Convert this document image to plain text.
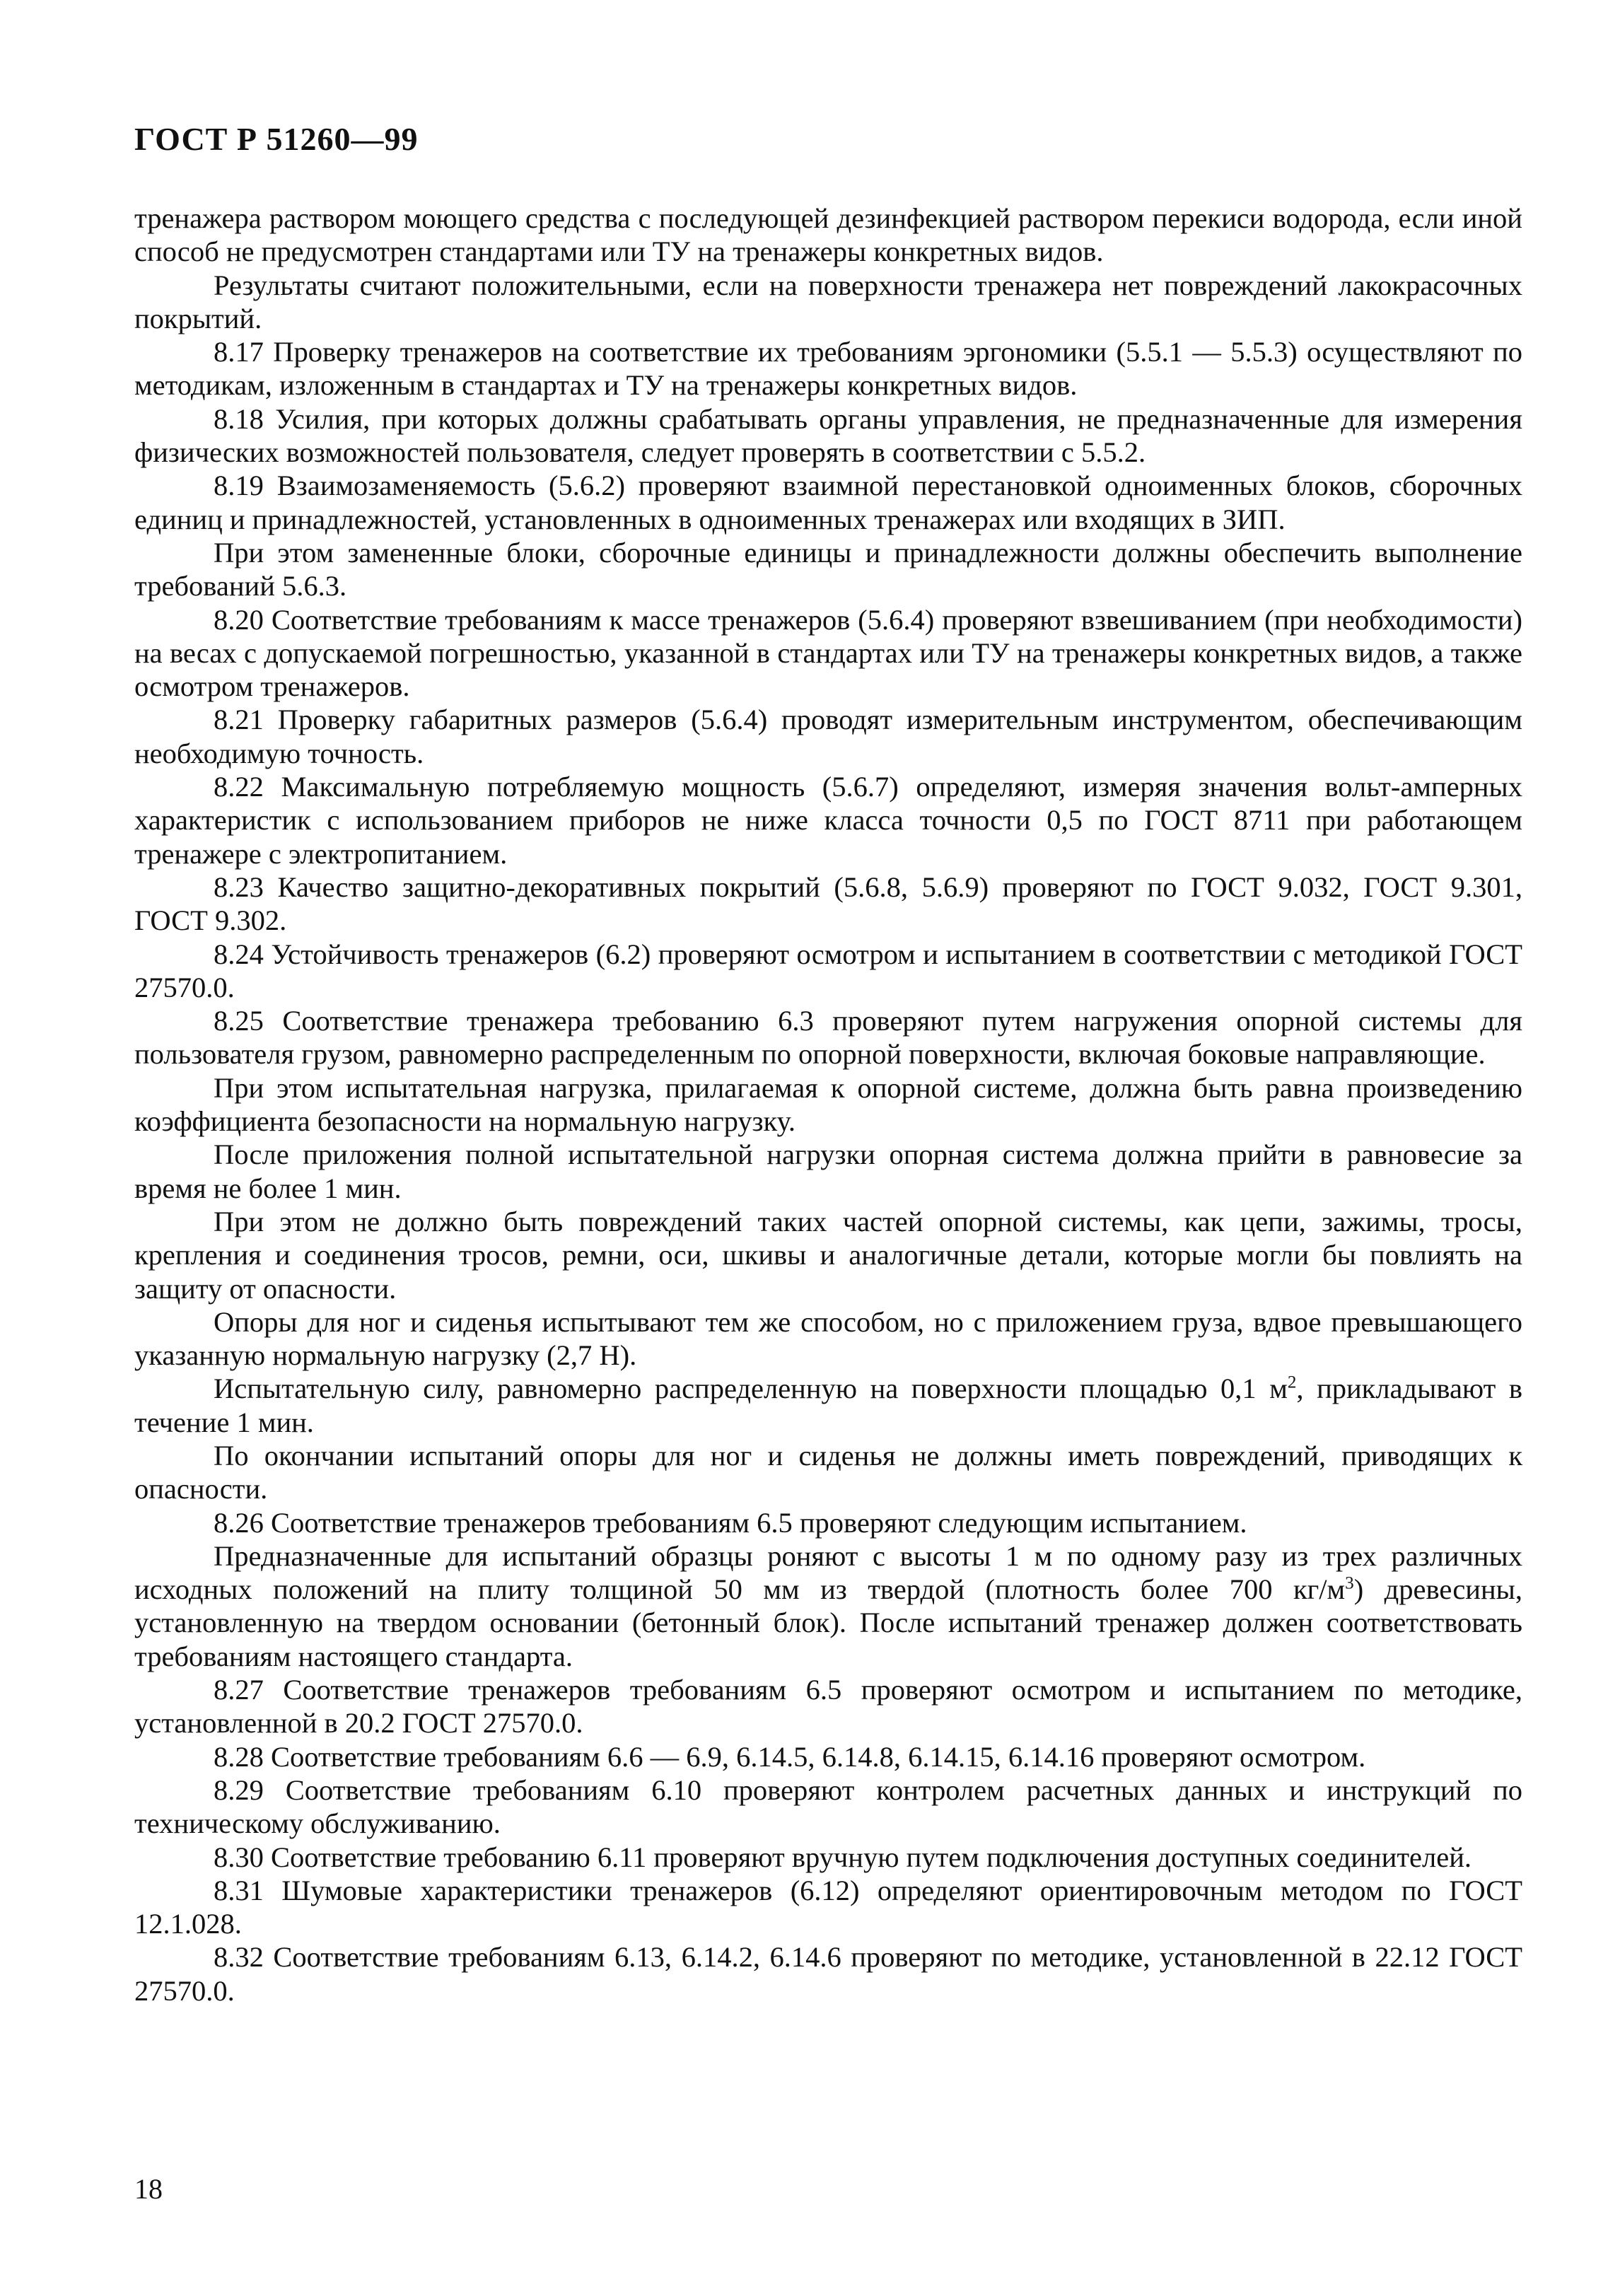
ГОСТ Р 51260—99

тренажера раствором моющего средства с последующей дезинфекцией раствором перекиси водорода, если иной способ не предусмотрен стандартами или ТУ на тренажеры конкретных видов.

Результаты считают положительными, если на поверхности тренажера нет повреждений лакокрасочных покрытий.

8.17 Проверку тренажеров на соответствие их требованиям эргономики (5.5.1 — 5.5.3) осуществляют по методикам, изложенным в стандартах и ТУ на тренажеры конкретных видов.

8.18 Усилия, при которых должны срабатывать органы управления, не предназначенные для измерения физических возможностей пользователя, следует проверять в соответствии с 5.5.2.

8.19 Взаимозаменяемость (5.6.2) проверяют взаимной перестановкой одноименных блоков, сборочных единиц и принадлежностей, установленных в одноименных тренажерах или входящих в ЗИП.

При этом замененные блоки, сборочные единицы и принадлежности должны обеспечить выполнение требований 5.6.3.

8.20 Соответствие требованиям к массе тренажеров (5.6.4) проверяют взвешиванием (при необходимости) на весах с допускаемой погрешностью, указанной в стандартах или ТУ на тренажеры конкретных видов, а также осмотром тренажеров.

8.21 Проверку габаритных размеров (5.6.4) проводят измерительным инструментом, обеспечивающим необходимую точность.

8.22 Максимальную потребляемую мощность (5.6.7) определяют, измеряя значения вольт-амперных характеристик с использованием приборов не ниже класса точности 0,5 по ГОСТ 8711 при работающем тренажере с электропитанием.

8.23 Качество защитно-декоративных покрытий (5.6.8, 5.6.9) проверяют по ГОСТ 9.032, ГОСТ 9.301, ГОСТ 9.302.

8.24 Устойчивость тренажеров (6.2) проверяют осмотром и испытанием в соответствии с методикой ГОСТ 27570.0.

8.25 Соответствие тренажера требованию 6.3 проверяют путем нагружения опорной системы для пользователя грузом, равномерно распределенным по опорной поверхности, включая боковые направляющие.

При этом испытательная нагрузка, прилагаемая к опорной системе, должна быть равна произведению коэффициента безопасности на нормальную нагрузку.

После приложения полной испытательной нагрузки опорная система должна прийти в равновесие за время не более 1 мин.

При этом не должно быть повреждений таких частей опорной системы, как цепи, зажимы, тросы, крепления и соединения тросов, ремни, оси, шкивы и аналогичные детали, которые могли бы повлиять на защиту от опасности.

Опоры для ног и сиденья испытывают тем же способом, но с приложением груза, вдвое превышающего указанную нормальную нагрузку (2,7 Н).

Испытательную силу, равномерно распределенную на поверхности площадью 0,1 $м^2$, прикладывают в течение 1 мин.

По окончании испытаний опоры для ног и сиденья не должны иметь повреждений, приводящих к опасности.

8.26 Соответствие тренажеров требованиям 6.5 проверяют следующим испытанием.

Предназначенные для испытаний образцы роняют с высоты 1 м по одному разу из трех различных исходных положений на плиту толщиной 50 мм из твердой (плотность более 700 $кг/м^3$) древесины, установленную на твердом основании (бетонный блок). После испытаний тренажер должен соответствовать требованиям настоящего стандарта.

8.27 Соответствие тренажеров требованиям 6.5 проверяют осмотром и испытанием по методике, установленной в 20.2 ГОСТ 27570.0.

8.28 Соответствие требованиям 6.6 — 6.9, 6.14.5, 6.14.8, 6.14.15, 6.14.16 проверяют осмотром.

8.29 Соответствие требованиям 6.10 проверяют контролем расчетных данных и инструкций по техническому обслуживанию.

8.30 Соответствие требованию 6.11 проверяют вручную путем подключения доступных соединителей.

8.31 Шумовые характеристики тренажеров (6.12) определяют ориентировочным методом по ГОСТ 12.1.028.

8.32 Соответствие требованиям 6.13, 6.14.2, 6.14.6 проверяют по методике, установленной в 22.12 ГОСТ 27570.0.

18
